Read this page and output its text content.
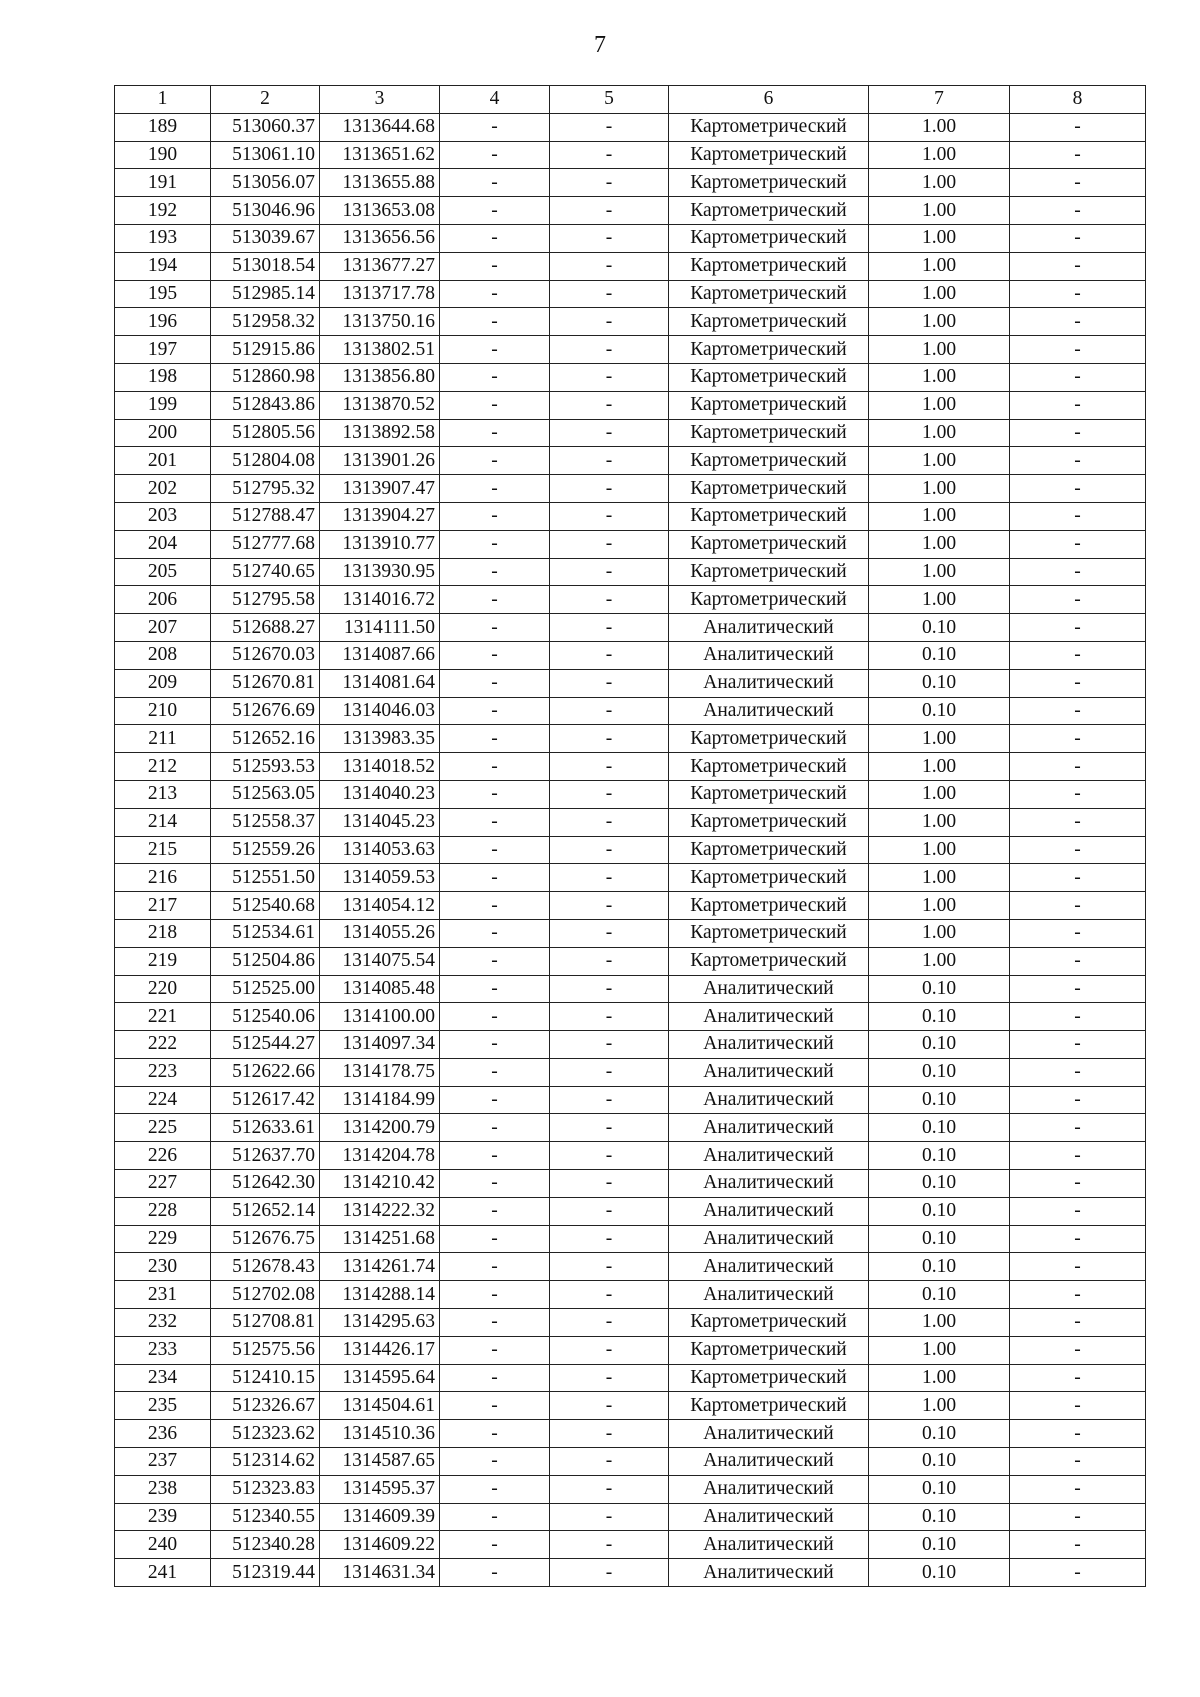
7
1	2	3	4	5	6	7	8
189	513060.37	1313644.68	-	-	Картометрический	1.00	-
190	513061.10	1313651.62	-	-	Картометрический	1.00	-
191	513056.07	1313655.88	-	-	Картометрический	1.00	-
192	513046.96	1313653.08	-	-	Картометрический	1.00	-
193	513039.67	1313656.56	-	-	Картометрический	1.00	-
194	513018.54	1313677.27	-	-	Картометрический	1.00	-
195	512985.14	1313717.78	-	-	Картометрический	1.00	-
196	512958.32	1313750.16	-	-	Картометрический	1.00	-
197	512915.86	1313802.51	-	-	Картометрический	1.00	-
198	512860.98	1313856.80	-	-	Картометрический	1.00	-
199	512843.86	1313870.52	-	-	Картометрический	1.00	-
200	512805.56	1313892.58	-	-	Картометрический	1.00	-
201	512804.08	1313901.26	-	-	Картометрический	1.00	-
202	512795.32	1313907.47	-	-	Картометрический	1.00	-
203	512788.47	1313904.27	-	-	Картометрический	1.00	-
204	512777.68	1313910.77	-	-	Картометрический	1.00	-
205	512740.65	1313930.95	-	-	Картометрический	1.00	-
206	512795.58	1314016.72	-	-	Картометрический	1.00	-
207	512688.27	1314111.50	-	-	Аналитический	0.10	-
208	512670.03	1314087.66	-	-	Аналитический	0.10	-
209	512670.81	1314081.64	-	-	Аналитический	0.10	-
210	512676.69	1314046.03	-	-	Аналитический	0.10	-
211	512652.16	1313983.35	-	-	Картометрический	1.00	-
212	512593.53	1314018.52	-	-	Картометрический	1.00	-
213	512563.05	1314040.23	-	-	Картометрический	1.00	-
214	512558.37	1314045.23	-	-	Картометрический	1.00	-
215	512559.26	1314053.63	-	-	Картометрический	1.00	-
216	512551.50	1314059.53	-	-	Картометрический	1.00	-
217	512540.68	1314054.12	-	-	Картометрический	1.00	-
218	512534.61	1314055.26	-	-	Картометрический	1.00	-
219	512504.86	1314075.54	-	-	Картометрический	1.00	-
220	512525.00	1314085.48	-	-	Аналитический	0.10	-
221	512540.06	1314100.00	-	-	Аналитический	0.10	-
222	512544.27	1314097.34	-	-	Аналитический	0.10	-
223	512622.66	1314178.75	-	-	Аналитический	0.10	-
224	512617.42	1314184.99	-	-	Аналитический	0.10	-
225	512633.61	1314200.79	-	-	Аналитический	0.10	-
226	512637.70	1314204.78	-	-	Аналитический	0.10	-
227	512642.30	1314210.42	-	-	Аналитический	0.10	-
228	512652.14	1314222.32	-	-	Аналитический	0.10	-
229	512676.75	1314251.68	-	-	Аналитический	0.10	-
230	512678.43	1314261.74	-	-	Аналитический	0.10	-
231	512702.08	1314288.14	-	-	Аналитический	0.10	-
232	512708.81	1314295.63	-	-	Картометрический	1.00	-
233	512575.56	1314426.17	-	-	Картометрический	1.00	-
234	512410.15	1314595.64	-	-	Картометрический	1.00	-
235	512326.67	1314504.61	-	-	Картометрический	1.00	-
236	512323.62	1314510.36	-	-	Аналитический	0.10	-
237	512314.62	1314587.65	-	-	Аналитический	0.10	-
238	512323.83	1314595.37	-	-	Аналитический	0.10	-
239	512340.55	1314609.39	-	-	Аналитический	0.10	-
240	512340.28	1314609.22	-	-	Аналитический	0.10	-
241	512319.44	1314631.34	-	-	Аналитический	0.10	-
